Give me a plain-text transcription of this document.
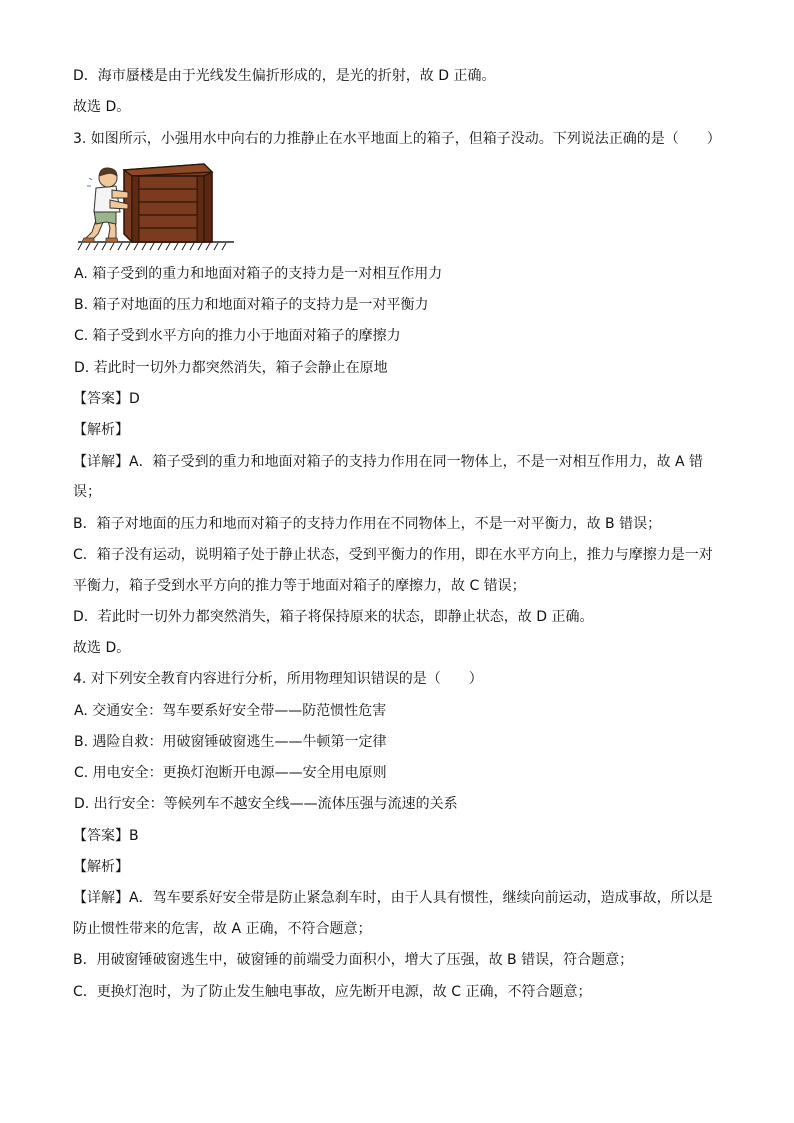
D．海市蜃楼是由于光线发生偏折形成的，是光的折射，故 D 正确。
故选 D。
3. 如图所示，小强用水中向右的力推静止在水平地面上的箱子，但箱子没动。下列说法正确的是（　　）
A. 箱子受到的重力和地面对箱子的支持力是一对相互作用力
B. 箱子对地面的压力和地面对箱子的支持力是一对平衡力
C. 箱子受到水平方向的推力小于地面对箱子的摩擦力
D. 若此时一切外力都突然消失，箱子会静止在原地
【答案】D
【解析】
【详解】A．箱子受到的重力和地面对箱子的支持力作用在同一物体上，不是一对相互作用力，故 A 错
误；
B．箱子对地面的压力和地而对箱子的支持力作用在不同物体上，不是一对平衡力，故 B 错误；
C．箱子没有运动，说明箱子处于静止状态，受到平衡力的作用，即在水平方向上，推力与摩擦力是一对
平衡力，箱子受到水平方向的推力等于地面对箱子的摩擦力，故 C 错误；
D．若此时一切外力都突然消失，箱子将保持原来的状态，即静止状态，故 D 正确。
故选 D。
4. 对下列安全教育内容进行分析，所用物理知识错误的是（　　）
A. 交通安全：驾车要系好安全带——防范惯性危害
B. 遇险自救：用破窗锤破窗逃生——牛顿第一定律
C. 用电安全：更换灯泡断开电源——安全用电原则
D. 出行安全：等候列车不越安全线——流体压强与流速的关系
【答案】B
【解析】
【详解】A．驾车要系好安全带是防止紧急刹车时，由于人具有惯性，继续向前运动，造成事故，所以是
防止惯性带来的危害，故 A 正确，不符合题意；
B．用破窗锤破窗逃生中，破窗锤的前端受力面积小，增大了压强，故 B 错误，符合题意；
C．更换灯泡时，为了防止发生触电事故，应先断开电源，故 C 正确，不符合题意；
